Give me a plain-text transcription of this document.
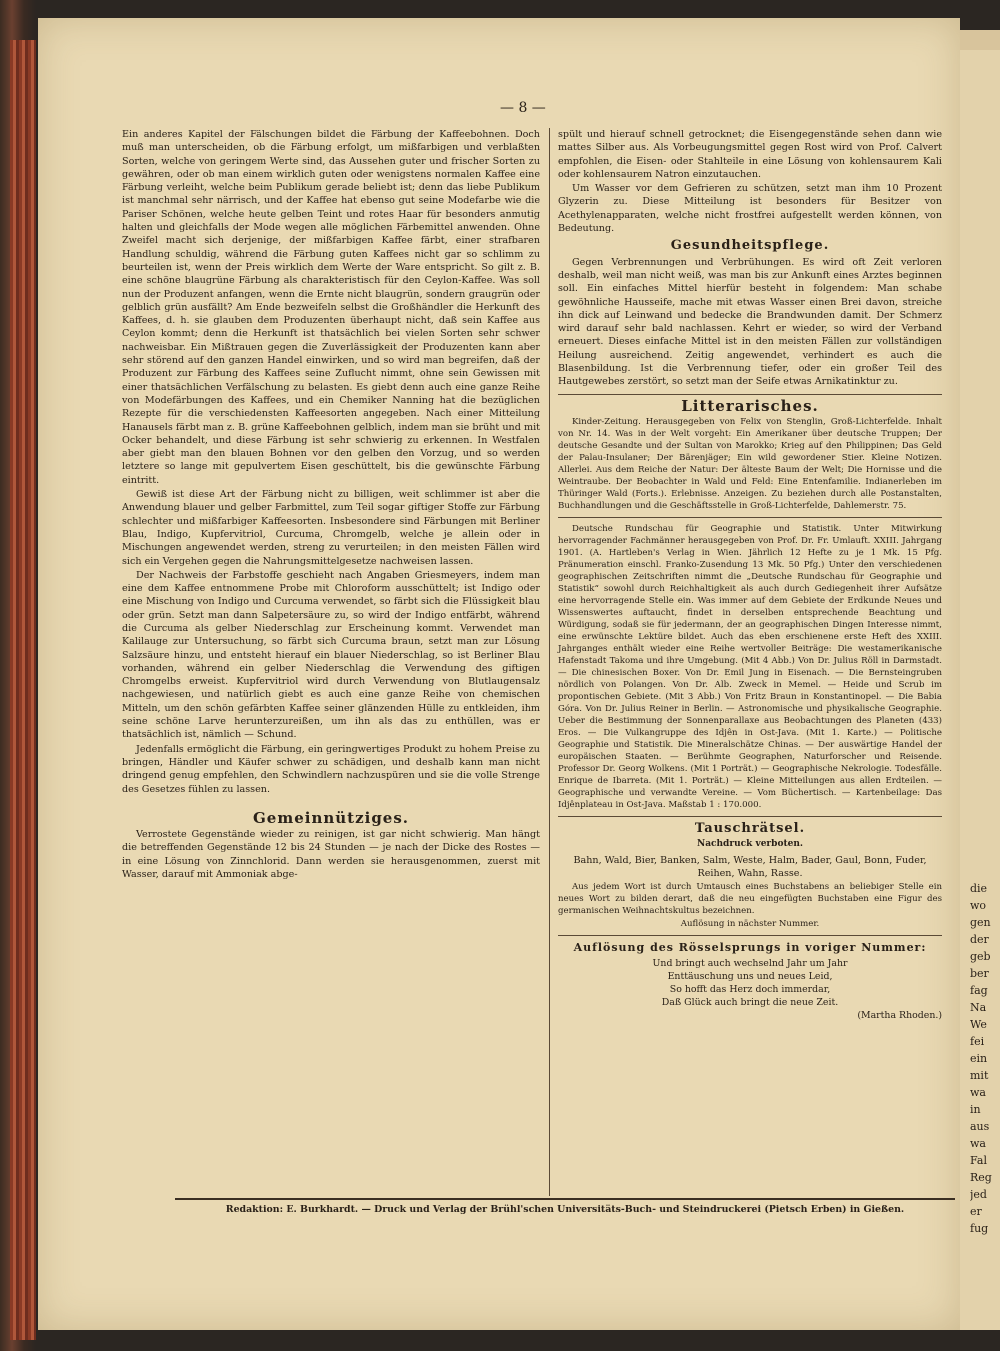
— 8 —

Ein anderes Kapitel der Fälschungen bildet die Färbung der Kaffeebohnen. Doch muß man unterscheiden, ob die Färbung erfolgt, um mißfarbigen und verblaßten Sorten, welche von geringem Werte sind, das Aussehen guter und frischer Sorten zu gewähren, oder ob man einem wirklich guten oder wenigstens normalen Kaffee eine Färbung verleiht, welche beim Publikum gerade beliebt ist; denn das liebe Publikum ist manchmal sehr närrisch, und der Kaffee hat ebenso gut seine Modefarbe wie die Pariser Schönen, welche heute gelben Teint und rotes Haar für besonders anmutig halten und gleichfalls der Mode wegen alle möglichen Färbemittel anwenden. Ohne Zweifel macht sich derjenige, der mißfarbigen Kaffee färbt, einer strafbaren Handlung schuldig, während die Färbung guten Kaffees nicht gar so schlimm zu beurteilen ist, wenn der Preis wirklich dem Werte der Ware entspricht. So gilt z. B. eine schöne blaugrüne Färbung als charakteristisch für den Ceylon-Kaffee. Was soll nun der Produzent anfangen, wenn die Ernte nicht blaugrün, sondern graugrün oder gelblich grün ausfällt? Am Ende bezweifeln selbst die Großhändler die Herkunft des Kaffees, d. h. sie glauben dem Produzenten überhaupt nicht, daß sein Kaffee aus Ceylon kommt; denn die Herkunft ist thatsächlich bei vielen Sorten sehr schwer nachweisbar. Ein Mißtrauen gegen die Zuverlässigkeit der Produzenten kann aber sehr störend auf den ganzen Handel einwirken, und so wird man begreifen, daß der Produzent zur Färbung des Kaffees seine Zuflucht nimmt, ohne sein Gewissen mit einer thatsächlichen Verfälschung zu belasten. Es giebt denn auch eine ganze Reihe von Modefärbungen des Kaffees, und ein Chemiker Nanning hat die bezüglichen Rezepte für die verschiedensten Kaffeesorten angegeben. Nach einer Mitteilung Hanausels färbt man z. B. grüne Kaffeebohnen gelblich, indem man sie brüht und mit Ocker behandelt, und diese Färbung ist sehr schwierig zu erkennen. In Westfalen aber giebt man den blauen Bohnen vor den gelben den Vorzug, und so werden letztere so lange mit gepulvertem Eisen geschüttelt, bis die gewünschte Färbung eintritt.

Gewiß ist diese Art der Färbung nicht zu billigen, weit schlimmer ist aber die Anwendung blauer und gelber Farbmittel, zum Teil sogar giftiger Stoffe zur Färbung schlechter und mißfarbiger Kaffeesorten. Insbesondere sind Färbungen mit Berliner Blau, Indigo, Kupfervitriol, Curcuma, Chromgelb, welche je allein oder in Mischungen angewendet werden, streng zu verurteilen; in den meisten Fällen wird sich ein Vergehen gegen die Nahrungsmittelgesetze nachweisen lassen.

Der Nachweis der Farbstoffe geschieht nach Angaben Griesmeyers, indem man eine dem Kaffee entnommene Probe mit Chloroform ausschüttelt; ist Indigo oder eine Mischung von Indigo und Curcuma verwendet, so färbt sich die Flüssigkeit blau oder grün. Setzt man dann Salpetersäure zu, so wird der Indigo entfärbt, während die Curcuma als gelber Niederschlag zur Erscheinung kommt. Verwendet man Kalilauge zur Untersuchung, so färbt sich Curcuma braun, setzt man zur Lösung Salzsäure hinzu, und entsteht hierauf ein blauer Niederschlag, so ist Berliner Blau vorhanden, während ein gelber Niederschlag die Verwendung des giftigen Chromgelbs erweist. Kupfervitriol wird durch Verwendung von Blutlaugensalz nachgewiesen, und natürlich giebt es auch eine ganze Reihe von chemischen Mitteln, um den schön gefärbten Kaffee seiner glänzenden Hülle zu entkleiden, ihm seine schöne Larve herunterzureißen, um ihn als das zu enthüllen, was er thatsächlich ist, nämlich — Schund.

Jedenfalls ermöglicht die Färbung, ein geringwertiges Produkt zu hohem Preise zu bringen, Händler und Käufer schwer zu schädigen, und deshalb kann man nicht dringend genug empfehlen, den Schwindlern nachzuspüren und sie die volle Strenge des Gesetzes fühlen zu lassen.

Gemeinnütziges.

Verrostete Gegenstände wieder zu reinigen, ist gar nicht schwierig. Man hängt die betreffenden Gegenstände 12 bis 24 Stunden — je nach der Dicke des Rostes — in eine Lösung von Zinnchlorid. Dann werden sie herausgenommen, zuerst mit Wasser, darauf mit Ammoniak abge-

spült und hierauf schnell getrocknet; die Eisengegenstände sehen dann wie mattes Silber aus. Als Vorbeugungsmittel gegen Rost wird von Prof. Calvert empfohlen, die Eisen- oder Stahlteile in eine Lösung von kohlensaurem Kali oder kohlensaurem Natron einzutauchen.

Um Wasser vor dem Gefrieren zu schützen, setzt man ihm 10 Prozent Glyzerin zu. Diese Mitteilung ist besonders für Besitzer von Acethylenapparaten, welche nicht frostfrei aufgestellt werden können, von Bedeutung.

Gesundheitspflege.

Gegen Verbrennungen und Verbrühungen. Es wird oft Zeit verloren deshalb, weil man nicht weiß, was man bis zur Ankunft eines Arztes beginnen soll. Ein einfaches Mittel hierfür besteht in folgendem: Man schabe gewöhnliche Hausseife, mache mit etwas Wasser einen Brei davon, streiche ihn dick auf Leinwand und bedecke die Brandwunden damit. Der Schmerz wird darauf sehr bald nachlassen. Kehrt er wieder, so wird der Verband erneuert. Dieses einfache Mittel ist in den meisten Fällen zur vollständigen Heilung ausreichend. Zeitig angewendet, verhindert es auch die Blasenbildung. Ist die Verbrennung tiefer, oder ein großer Teil des Hautgewebes zerstört, so setzt man der Seife etwas Arnikatinktur zu.

Litterarisches.

Kinder-Zeitung. Herausgegeben von Felix von Stenglin, Groß-Lichterfelde. Inhalt von Nr. 14. Was in der Welt vorgeht: Ein Amerikaner über deutsche Truppen; Der deutsche Gesandte und der Sultan von Marokko; Krieg auf den Philippinen; Das Geld der Palau-Insulaner; Der Bärenjäger; Ein wild gewordener Stier. Kleine Notizen. Allerlei. Aus dem Reiche der Natur: Der älteste Baum der Welt; Die Hornisse und die Weintraube. Der Beobachter in Wald und Feld: Eine Entenfamilie. Indianerleben im Thüringer Wald (Forts.). Erlebnisse. Anzeigen. Zu beziehen durch alle Postanstalten, Buchhandlungen und die Geschäftsstelle in Groß-Lichterfelde, Dahlemerstr. 75.

Deutsche Rundschau für Geographie und Statistik. Unter Mitwirkung hervorragender Fachmänner herausgegeben von Prof. Dr. Fr. Umlauft. XXIII. Jahrgang 1901. (A. Hartleben's Verlag in Wien. Jährlich 12 Hefte zu je 1 Mk. 15 Pfg. Pränumeration einschl. Franko-Zusendung 13 Mk. 50 Pfg.) Unter den verschiedenen geographischen Zeitschriften nimmt die „Deutsche Rundschau für Geographie und Statistik“ sowohl durch Reichhaltigkeit als auch durch Gediegenheit ihrer Aufsätze eine hervorragende Stelle ein. Was immer auf dem Gebiete der Erdkunde Neues und Wissenswertes auftaucht, findet in derselben entsprechende Beachtung und Würdigung, sodaß sie für jedermann, der an geographischen Dingen Interesse nimmt, eine erwünschte Lektüre bildet. Auch das eben erschienene erste Heft des XXIII. Jahrganges enthält wieder eine Reihe wertvoller Beiträge: Die westamerikanische Hafenstadt Takoma und ihre Umgebung. (Mit 4 Abb.) Von Dr. Julius Röll in Darmstadt. — Die chinesischen Boxer. Von Dr. Emil Jung in Eisenach. — Die Bernsteingruben nördlich von Polangen. Von Dr. Alb. Zweck in Memel. — Heide und Scrub im propontischen Gebiete. (Mit 3 Abb.) Von Fritz Braun in Konstantinopel. — Die Babia Góra. Von Dr. Julius Reiner in Berlin. — Astronomische und physikalische Geographie. Ueber die Bestimmung der Sonnenparallaxe aus Beobachtungen des Planeten (433) Eros. — Die Vulkangruppe des Idjên in Ost-Java. (Mit 1. Karte.) — Politische Geographie und Statistik. Die Mineralschätze Chinas. — Der auswärtige Handel der europäischen Staaten. — Berühmte Geographen, Naturforscher und Reisende. Professor Dr. Georg Wolkens. (Mit 1 Porträt.) — Geographische Nekrologie. Todesfälle. Enrique de Ibarreta. (Mit 1. Porträt.) — Kleine Mitteilungen aus allen Erdteilen. — Geographische und verwandte Vereine. — Vom Büchertisch. — Kartenbeilage: Das Idjênplateau in Ost-Java. Maßstab 1 : 170.000.

Tauschrätsel.
Nachdruck verboten.

Bahn, Wald, Bier, Banken, Salm, Weste, Halm, Bader, Gaul, Bonn, Fuder, Reihen, Wahn, Rasse.

Aus jedem Wort ist durch Umtausch eines Buchstabens an beliebiger Stelle ein neues Wort zu bilden derart, daß die neu eingefügten Buchstaben eine Figur des germanischen Weihnachtskultus bezeichnen.

Auflösung in nächster Nummer.
Auflösung des Rösselsprungs in voriger Nummer:
Und bringt auch wechselnd Jahr um Jahr
Enttäuschung uns und neues Leid,
So hofft das Herz doch immerdar,
Daß Glück auch bringt die neue Zeit.
(Martha Rhoden.)
Redaktion: E. Burkhardt. — Druck und Verlag der Brühl'schen Universitäts-Buch- und Steindruckerei (Pietsch Erben) in Gießen.
die
wo
gen
der
geb
ber
fag
Na
We
fei
ein
mit
wa
in
aus
wa
Fal
Reg
jed
er
fug
